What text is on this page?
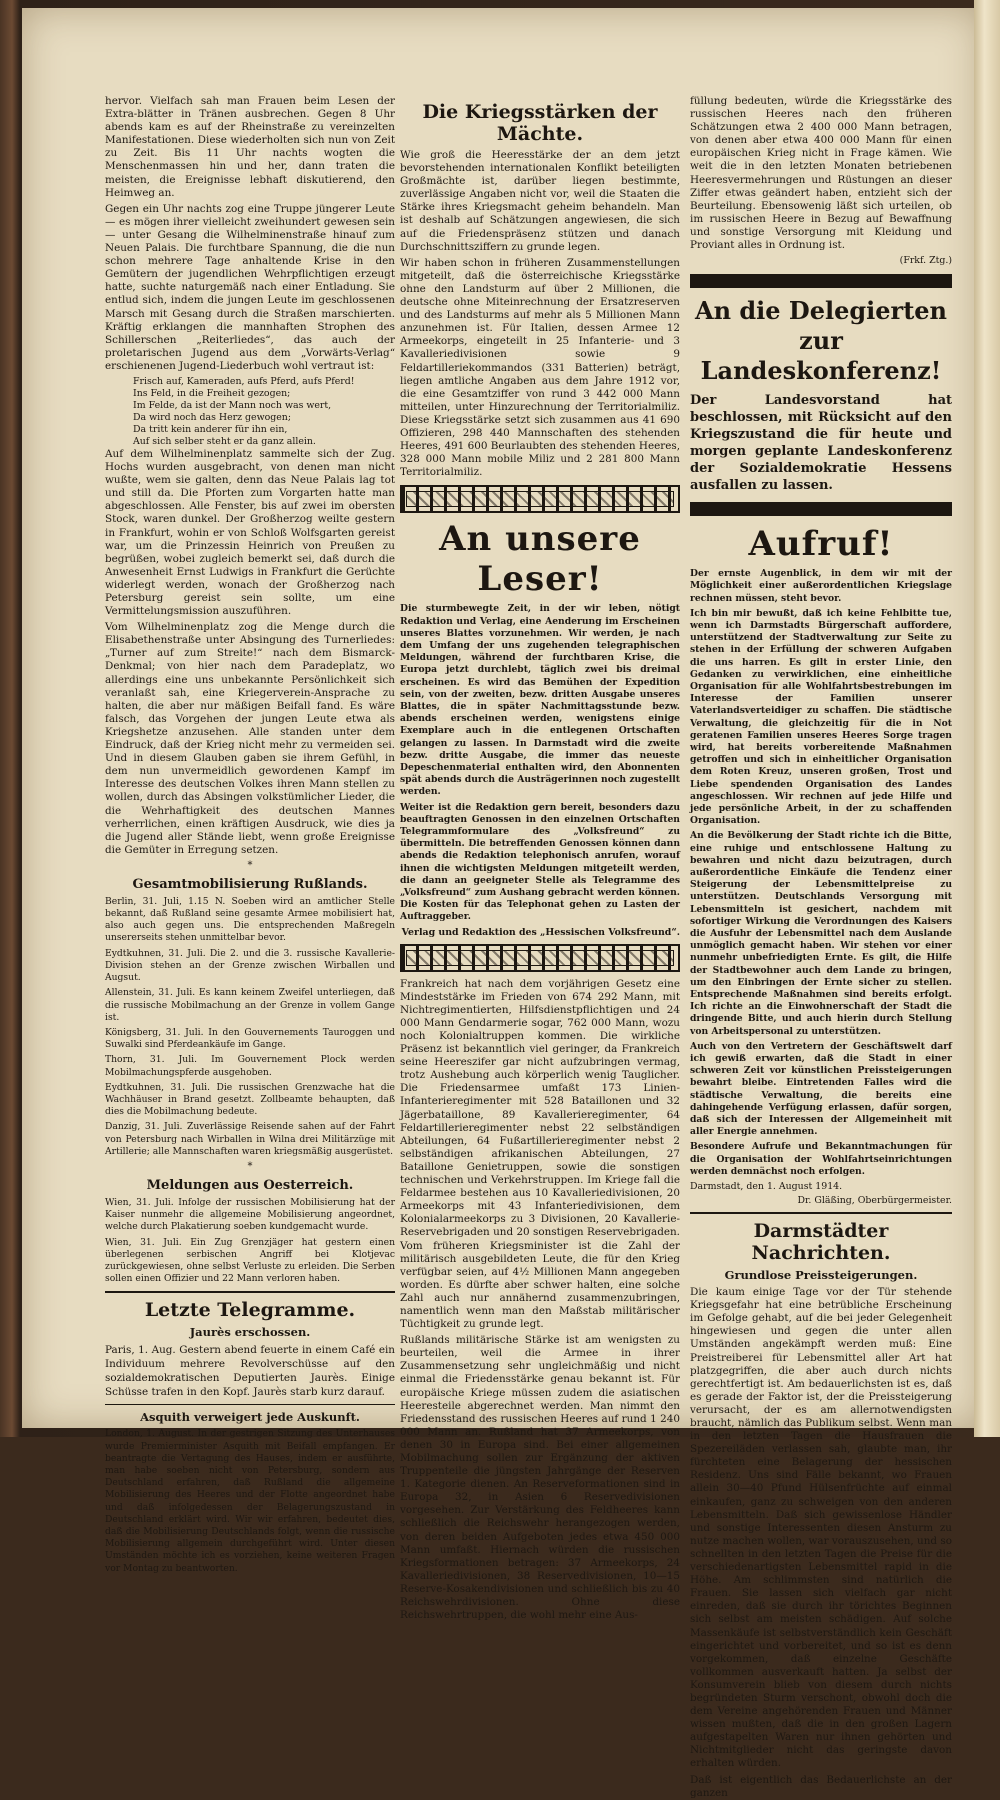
hervor. Vielfach sah man Frauen beim Lesen der Extra-blätter in Tränen ausbrechen. Gegen 8 Uhr abends kam es auf der Rheinstraße zu vereinzelten Manifestationen. Diese wiederholten sich nun von Zeit zu Zeit. Bis 11 Uhr nachts wogten die Menschenmassen hin und her, dann traten die meisten, die Ereignisse lebhaft diskutierend, den Heimweg an.

Gegen ein Uhr nachts zog eine Truppe jüngerer Leute — es mögen ihrer vielleicht zweihundert gewesen sein — unter Gesang die Wilhelminenstraße hinauf zum Neuen Palais. Die furchtbare Spannung, die die nun schon mehrere Tage anhaltende Krise in den Gemütern der jugendlichen Wehrpflichtigen erzeugt hatte, suchte naturgemäß nach einer Entladung. Sie entlud sich, indem die jungen Leute im geschlossenen Marsch mit Gesang durch die Straßen marschierten. Kräftig erklangen die mannhaften Strophen des Schillerschen „Reiterliedes“, das auch der proletarischen Jugend aus dem „Vorwärts-Verlag“ erschienenen Jugend-Liederbuch wohl vertraut ist:

Frisch auf, Kameraden, aufs Pferd, aufs Pferd!
Ins Feld, in die Freiheit gezogen;
Im Felde, da ist der Mann noch was wert,
Da wird noch das Herz gewogen;
Da tritt kein anderer für ihn ein,
Auf sich selber steht er da ganz allein.

Auf dem Wilhelminenplatz sammelte sich der Zug. Hochs wurden ausgebracht, von denen man nicht wußte, wem sie galten, denn das Neue Palais lag tot und still da. Die Pforten zum Vorgarten hatte man abgeschlossen. Alle Fenster, bis auf zwei im obersten Stock, waren dunkel. Der Großherzog weilte gestern in Frankfurt, wohin er von Schloß Wolfsgarten gereist war, um die Prinzessin Heinrich von Preußen zu begrüßen, wobei zugleich bemerkt sei, daß durch die Anwesenheit Ernst Ludwigs in Frankfurt die Gerüchte widerlegt werden, wonach der Großherzog nach Petersburg gereist sein sollte, um eine Vermittelungsmission auszuführen.

Vom Wilhelminenplatz zog die Menge durch die Elisabethenstraße unter Absingung des Turnerliedes: „Turner auf zum Streite!“ nach dem Bismarck-Denkmal; von hier nach dem Paradeplatz, wo allerdings eine uns unbekannte Persönlichkeit sich veranlaßt sah, eine Kriegerverein-Ansprache zu halten, die aber nur mäßigen Beifall fand. Es wäre falsch, das Vorgehen der jungen Leute etwa als Kriegshetze anzusehen. Alle standen unter dem Eindruck, daß der Krieg nicht mehr zu vermeiden sei. Und in diesem Glauben gaben sie ihrem Gefühl, in dem nun unvermeidlich gewordenen Kampf im Interesse des deutschen Volkes ihren Mann stellen zu wollen, durch das Absingen volkstümlicher Lieder, die die Wehrhaftigkeit des deutschen Mannes verherrlichen, einen kräftigen Ausdruck, wie dies ja die Jugend aller Stände liebt, wenn große Ereignisse die Gemüter in Erregung setzen.

*
Gesamtmobilisierung Rußlands.

Berlin, 31. Juli, 1.15 N. Soeben wird an amtlicher Stelle bekannt, daß Rußland seine gesamte Armee mobilisiert hat, also auch gegen uns. Die entsprechenden Maßregeln unsererseits stehen unmittelbar bevor.

Eydtkuhnen, 31. Juli. Die 2. und die 3. russische Kavallerie-Division stehen an der Grenze zwischen Wirballen und Augsut.

Allenstein, 31. Juli. Es kann keinem Zweifel unterliegen, daß die russische Mobilmachung an der Grenze in vollem Gange ist.

Königsberg, 31. Juli. In den Gouvernements Tauroggen und Suwalki sind Pferdeankäufe im Gange.

Thorn, 31. Juli. Im Gouvernement Plock werden Mobilmachungspferde ausgehoben.

Eydtkuhnen, 31. Juli. Die russischen Grenzwache hat die Wachhäuser in Brand gesetzt. Zollbeamte behaupten, daß dies die Mobilmachung bedeute.

Danzig, 31. Juli. Zuverlässige Reisende sahen auf der Fahrt von Petersburg nach Wirballen in Wilna drei Militärzüge mit Artillerie; alle Mannschaften waren kriegsmäßig ausgerüstet.

*
Meldungen aus Oesterreich.

Wien, 31. Juli. Infolge der russischen Mobilisierung hat der Kaiser nunmehr die allgemeine Mobilisierung angeordnet, welche durch Plakatierung soeben kundgemacht wurde.

Wien, 31. Juli. Ein Zug Grenzjäger hat gestern einen überlegenen serbischen Angriff bei Klotjevac zurückgewiesen, ohne selbst Verluste zu erleiden. Die Serben sollen einen Offizier und 22 Mann verloren haben.

Letzte Telegramme.
Jaurès erschossen.

Paris, 1. Aug. Gestern abend feuerte in einem Café ein Individuum mehrere Revolverschüsse auf den sozialdemokratischen Deputierten Jaurès. Einige Schüsse trafen in den Kopf. Jaurès starb kurz darauf.

Asquith verweigert jede Auskunft.

London, 1. August. In der gestrigen Sitzung des Unterhauses wurde Premierminister Asquith mit Beifall empfangen. Er beantragte die Vertagung des Hauses, indem er ausführte, man habe soeben nicht von Petersburg, sondern aus Deutschland erfahren, daß Rußland die allgemeine Mobilisierung des Heeres und der Flotte angeordnet habe und daß infolgedessen der Belagerungszustand in Deutschland erklärt wird. Wir wir erfahren, bedeutet dies, daß die Mobilisierung Deutschlands folgt, wenn die russische Mobilisierung allgemein durchgeführt wird. Unter diesen Umständen möchte ich es vorziehen, keine weiteren Fragen vor Montag zu beantworten.

Die Kriegsstärken der Mächte.

Wie groß die Heeresstärke der an dem jetzt bevorstehenden internationalen Konflikt beteiligten Großmächte ist, darüber liegen bestimmte, zuverlässige Angaben nicht vor, weil die Staaten die Stärke ihres Kriegsmacht geheim behandeln. Man ist deshalb auf Schätzungen angewiesen, die sich auf die Friedenspräsenz stützen und danach Durchschnittsziffern zu grunde legen.

Wir haben schon in früheren Zusammenstellungen mitgeteilt, daß die österreichische Kriegsstärke ohne den Landsturm auf über 2 Millionen, die deutsche ohne Miteinrechnung der Ersatzreserven und des Landsturms auf mehr als 5 Millionen Mann anzunehmen ist. Für Italien, dessen Armee 12 Armeekorps, eingeteilt in 25 Infanterie- und 3 Kavalleriedivisionen sowie 9 Feldartilleriekommandos (331 Batterien) beträgt, liegen amtliche Angaben aus dem Jahre 1912 vor, die eine Gesamtziffer von rund 3 442 000 Mann mitteilen, unter Hinzurechnung der Territorialmiliz. Diese Kriegsstärke setzt sich zusammen aus 41 690 Offizieren, 298 440 Mannschaften des stehenden Heeres, 491 600 Beurlaubten des stehenden Heeres, 328 000 Mann mobile Miliz und 2 281 800 Mann Territorialmiliz.

An unsere Leser!

Die sturmbewegte Zeit, in der wir leben, nötigt Redaktion und Verlag, eine Aenderung im Erscheinen unseres Blattes vorzunehmen. Wir werden, je nach dem Umfang der uns zugehenden telegraphischen Meldungen, während der furchtbaren Krise, die Europa jetzt durchlebt, täglich zwei bis dreimal erscheinen. Es wird das Bemühen der Expedition sein, von der zweiten, bezw. dritten Ausgabe unseres Blattes, die in später Nachmittagsstunde bezw. abends erscheinen werden, wenigstens einige Exemplare auch in die entlegenen Ortschaften gelangen zu lassen. In Darmstadt wird die zweite bezw. dritte Ausgabe, die immer das neueste Depeschenmaterial enthalten wird, den Abonnenten spät abends durch die Austrägerinnen noch zugestellt werden.

Weiter ist die Redaktion gern bereit, besonders dazu beauftragten Genossen in den einzelnen Ortschaften Telegrammformulare des „Volksfreund“ zu übermitteln. Die betreffenden Genossen können dann abends die Redaktion telephonisch anrufen, worauf ihnen die wichtigsten Meldungen mitgeteilt werden, die dann an geeigneter Stelle als Telegramme des „Volksfreund“ zum Aushang gebracht werden können. Die Kosten für das Telephonat gehen zu Lasten der Auftraggeber.

Verlag und Redaktion des „Hessischen Volksfreund“.

Frankreich hat nach dem vorjährigen Gesetz eine Mindeststärke im Frieden von 674 292 Mann, mit Nichtregimentierten, Hilfsdienstpflichtigen und 24 000 Mann Gendarmerie sogar, 762 000 Mann, wozu noch Kolonialtruppen kommen. Die wirkliche Präsenz ist bekanntlich viel geringer, da Frankreich seine Heereszifer gar nicht aufzubringen vermag, trotz Aushebung auch körperlich wenig Tauglicher. Die Friedensarmee umfaßt 173 Linien-Infanterieregimenter mit 528 Bataillonen und 32 Jägerbataillone, 89 Kavallerieregimenter, 64 Feldartillerieregimenter nebst 22 selbständigen Abteilungen, 64 Fußartillerieregimenter nebst 2 selbständigen afrikanischen Abteilungen, 27 Bataillone Genietruppen, sowie die sonstigen technischen und Verkehrstruppen. Im Kriege fall die Feldarmee bestehen aus 10 Kavalleriedivisionen, 20 Armeekorps mit 43 Infanteriedivisionen, dem Kolonialarmeekorps zu 3 Divisionen, 20 Kavallerie-Reservebrigaden und 20 sonstigen Reservebrigaden. Vom früheren Kriegsminister ist die Zahl der militärisch ausgebildeten Leute, die für den Krieg verfügbar seien, auf 4½ Millionen Mann angegeben worden. Es dürfte aber schwer halten, eine solche Zahl auch nur annähernd zusammenzubringen, namentlich wenn man den Maßstab militärischer Tüchtigkeit zu grunde legt.

Rußlands militärische Stärke ist am wenigsten zu beurteilen, weil die Armee in ihrer Zusammensetzung sehr ungleichmäßig und nicht einmal die Friedensstärke genau bekannt ist. Für europäische Kriege müssen zudem die asiatischen Heeresteile abgerechnet werden. Man nimmt den Friedensstand des russischen Heeres auf rund 1 240 000 Mann an. Rußland hat 37 Armeekorps, von denen 30 in Europa sind. Bei einer allgemeinen Mobilmachung sollen zur Ergänzung der aktiven Truppenteile die jüngsten Jahrgänge der Reserven 1. Kategorie dienen. An Reserveformationen sind in Europa 32, in Asien 6 Reservedivisionen vorgesehen. Zur Verstärkung des Feldheeres kann schließlich die Reichswehr herangezogen werden, von deren beiden Aufgeboten jedes etwa 450 000 Mann umfaßt. Hiernach würden die russischen Kriegsformationen betragen: 37 Armeekorps, 24 Kavalleriedivisionen, 38 Reservedivisionen, 10—15 Reserve-Kosakendivisionen und schließlich bis zu 40 Reichswehrdivisionen. Ohne diese Reichswehrtruppen, die wohl mehr eine Aus-

füllung bedeuten, würde die Kriegsstärke des russischen Heeres nach den früheren Schätzungen etwa 2 400 000 Mann betragen, von denen aber etwa 400 000 Mann für einen europäischen Krieg nicht in Frage kämen. Wie weit die in den letzten Monaten betriebenen Heeresvermehrungen und Rüstungen an dieser Ziffer etwas geändert haben, entzieht sich der Beurteilung. Ebensowenig läßt sich urteilen, ob im russischen Heere in Bezug auf Bewaffnung und sonstige Versorgung mit Kleidung und Proviant alles in Ordnung ist.

(Frkf. Ztg.)
An die Delegierten zur Landeskonferenz!
Der Landesvorstand hat beschlossen, mit Rücksicht auf den Kriegszustand die für heute und morgen geplante Landeskonferenz der Sozialdemokratie Hessens ausfallen zu lassen.
Aufruf!

Der ernste Augenblick, in dem wir mit der Möglichkeit einer außerordentlichen Kriegslage rechnen müssen, steht bevor.

Ich bin mir bewußt, daß ich keine Fehlbitte tue, wenn ich Darmstadts Bürgerschaft auffordere, unterstützend der Stadtverwaltung zur Seite zu stehen in der Erfüllung der schweren Aufgaben die uns harren. Es gilt in erster Linie, den Gedanken zu verwirklichen, eine einheitliche Organisation für alle Wohlfahrtsbestrebungen im Interesse der Familien unserer Vaterlandsverteidiger zu schaffen. Die städtische Verwaltung, die gleichzeitig für die in Not geratenen Familien unseres Heeres Sorge tragen wird, hat bereits vorbereitende Maßnahmen getroffen und sich in einheitlicher Organisation dem Roten Kreuz, unseren großen, Trost und Liebe spendenden Organisation des Landes angeschlossen. Wir rechnen auf jede Hilfe und jede persönliche Arbeit, in der zu schaffenden Organisation.

An die Bevölkerung der Stadt richte ich die Bitte, eine ruhige und entschlossene Haltung zu bewahren und nicht dazu beizutragen, durch außerordentliche Einkäufe die Tendenz einer Steigerung der Lebensmittelpreise zu unterstützen. Deutschlands Versorgung mit Lebensmitteln ist gesichert, nachdem mit sofortiger Wirkung die Verordnungen des Kaisers die Ausfuhr der Lebensmittel nach dem Auslande unmöglich gemacht haben. Wir stehen vor einer nunmehr unbefriedigten Ernte. Es gilt, die Hilfe der Stadtbewohner auch dem Lande zu bringen, um den Einbringen der Ernte sicher zu stellen. Entsprechende Maßnahmen sind bereits erfolgt. Ich richte an die Einwohnerschaft der Stadt die dringende Bitte, und auch hierin durch Stellung von Arbeitspersonal zu unterstützen.

Auch von den Vertretern der Geschäftswelt darf ich gewiß erwarten, daß die Stadt in einer schweren Zeit vor künstlichen Preissteigerungen bewahrt bleibe. Eintretenden Falles wird die städtische Verwaltung, die bereits eine dahingehende Verfügung erlassen, dafür sorgen, daß sich der Interessen der Allgemeinheit mit aller Energie annehmen.

Besondere Aufrufe und Bekanntmachungen für die Organisation der Wohlfahrtseinrichtungen werden demnächst noch erfolgen.

Darmstadt, den 1. August 1914.
Dr. Gläßing, Oberbürgermeister.
Darmstädter Nachrichten.
Grundlose Preissteigerungen.

Die kaum einige Tage vor der Tür stehende Kriegsgefahr hat eine betrübliche Erscheinung im Gefolge gehabt, auf die bei jeder Gelegenheit hingewiesen und gegen die unter allen Umständen angekämpft werden muß: Eine Preistreiberei für Lebensmittel aller Art hat platzgegriffen, die aber auch durch nichts gerechtfertigt ist. Am bedauerlichsten ist es, daß es gerade der Faktor ist, der die Preissteigerung verursacht, der es am allernotwendigsten braucht, nämlich das Publikum selbst. Wenn man in den letzten Tagen die Hausfrauen die Spezereiläden verlassen sah, glaubte man, ihr fürchteten eine Belagerung der hessischen Residenz. Uns sind Fälle bekannt, wo Frauen allein 30—40 Pfund Hülsenfrüchte auf einmal einkaufen, ganz zu schweigen von den anderen Lebensmitteln. Daß sich gewissenlose Händler und sonstige Interessenten diesen Ansturm zu nutze machen wollen, war vorauszusehen, und so schnellten in den letzten Tagen die Preise für die verschiedenartigsten Lebensmittel rapid in die Höhe. Am schlimmsten sind natürlich die Frauen. Sie lassen sich vielfach gar nicht einreden, daß sie durch ihr törichtes Beginnen sich selbst am meisten schädigen. Auf solche Massenkäufe ist selbstverständlich kein Geschäft eingerichtet und vorbereitet, und so ist es denn vorgekommen, daß einzelne Geschäfte vollkommen ausverkauft hatten. Ja selbst der Konsumverein blieb von diesem durch nichts begründeten Sturm verschont, obwohl doch die dem Vereine angehörenden Frauen und Männer wissen mußten, daß die in den großen Lagern aufgestapelten Waren nur ihnen gehörten und Nichtmitglieder nicht das geringste davon erhalten würden.

Daß ist eigentlich das Bedauerlichste an der ganzen
